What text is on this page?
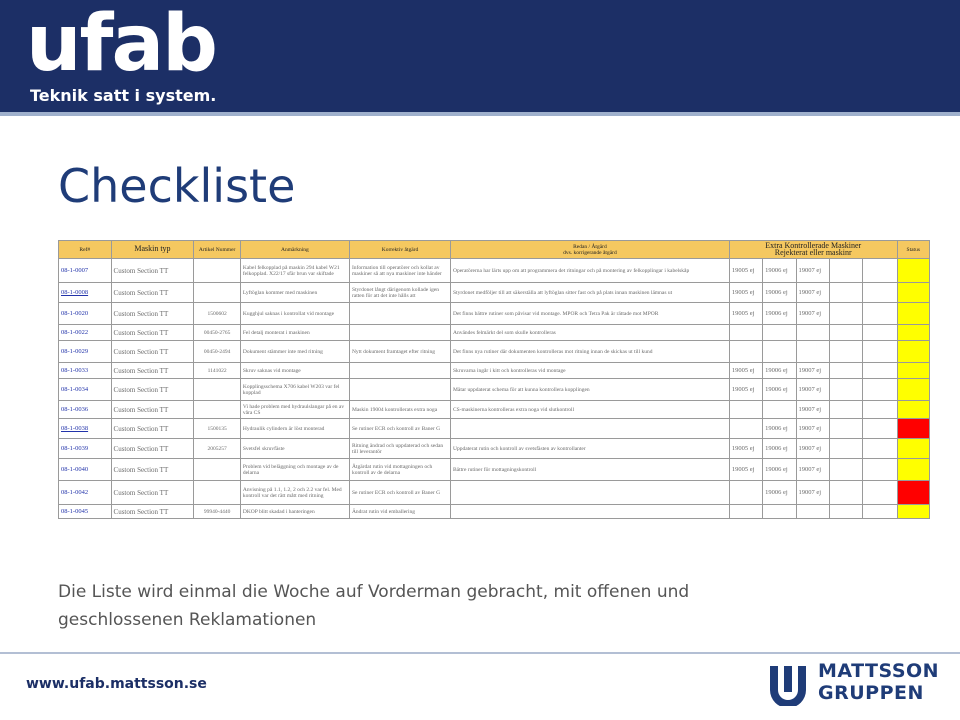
ufab
Teknik satt i system.
Checkliste
Ref#	Maskin typ	Artikel Nummer	Anmärkning	Korrektiv åtgärd	Redan / Åtgärd
dvs. korrigerande åtgärd	Extra Kontrollerade Maskiner
Rejekterat eller maskinr					Status
08-1-0007	Custom Section TT		Kabel felkopplad på maskin 294 kabel W21 felkopplad. X22/17 sfär brun var skiftade	Information till operatörer och kollat av maskiner så att nya maskiner inte händer	Operatörerna har lärts upp om att programmera det ritningar och på montering av felkopplingar i kabelskåp	19005 ej	19006 ej	19007 ej			
08-1-0008	Custom Section TT		Lyftöglan kommer med maskinen	Styrdonet långt därigenom kollade igen ratten för att det inte hålls att	Styrdonet medföljer till att säkerställa att lyftöglan sitter fast och på plats innan maskinen lämnas ut	19005 ej	19006 ej	19007 ej			
08-1-0020	Custom Section TT	1500602	Kugghjul saknas i kontrollat vid montage		Det finns bättre rutiner som påvisar vid montage. MPOR och Tetra Pak är rättade mot MPOR	19005 ej	19006 ej	19007 ej			
08-1-0022	Custom Section TT	00450-2765	Fel detalj monterat i maskinen		Användes felmärkt del som skulle kontrolleras						
08-1-0029	Custom Section TT	00450-2494	Dokument stämmer inte med ritning	Nytt dokument framtaget efter ritning	Det finns nya rutiner där dokumenten kontrolleras mot ritning innan de skickas ut till kund						
08-1-0033	Custom Section TT	1141022	Skruv saknas vid montage		Skruvarna ingår i kitt och kontrolleras vid montage	19005 ej	19006 ej	19007 ej			
08-1-0034	Custom Section TT		Kopplingsschema X706 kabel W203 var fel kopplad		Mätar uppdaterat schema för att kunna kontrollera kopplingen	19005 ej	19006 ej	19007 ej			
08-1-0036	Custom Section TT		Vi hade problem med hydraulslangar på en av våra CS	Maskin 19004 kontrollerats extra noga	CS-maskinerna kontrolleras extra noga vid slutkontroll			19007 ej			
08-1-0038	Custom Section TT	1500135	Hydraulik cylindern är löst monterad	Se rutiner ECR och kontroll av Baner G			19006 ej	19007 ej			
08-1-0039	Custom Section TT	2005257	Svetsfel skruvfäste	Ritning ändrad och uppdaterad och sedan till leverantör	Uppdaterat rutin och kontroll av svetsfästen av kontrollanter	19005 ej	19006 ej	19007 ej			
08-1-0040	Custom Section TT		Problem vid beläggning och montage av de delarna	Åtgärdat rutin vid mottagningen och kontroll av de delarna	Bättre rutiner för mottagningskontroll	19005 ej	19006 ej	19007 ej			
08-1-0042	Custom Section TT		Anvisning på 1.1, 1.2, 2 och 2.2 var fel. Med kontroll var det rätt mått med ritning	Se rutiner ECR och kontroll av Baner G			19006 ej	19007 ej			
08-1-0045	Custom Section TT	99940-4440	DKOP blitt skadad i hanteringen	Ändrat rutin vid emballering							
Die Liste wird einmal die Woche auf Vorderman gebracht, mit offenen und
geschlossenen Reklamationen
www.ufab.mattsson.se
MATTSSON
GRUPPEN
